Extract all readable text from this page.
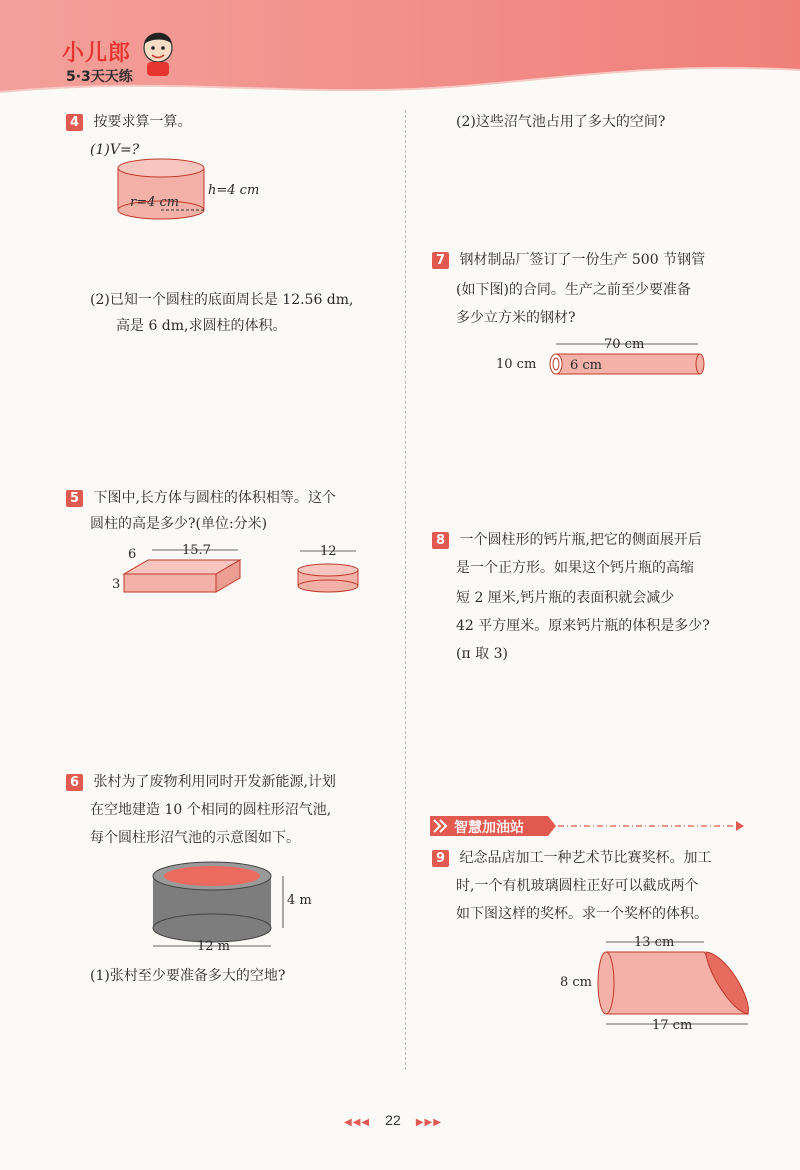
小儿郎
5·3天天练
4 按要求算一算。
(1)V=?
r=4 cm
h=4 cm
(2)已知一个圆柱的底面周长是 12.56 dm,
高是 6 dm,求圆柱的体积。
5 下图中,长方体与圆柱的体积相等。这个
圆柱的高是多少?(单位:分米)
15.7
6
3
12
6 张村为了废物利用同时开发新能源,计划
在空地建造 10 个相同的圆柱形沼气池,
每个圆柱形沼气池的示意图如下。
4 m
12 m
(1)张村至少要准备多大的空地?
(2)这些沼气池占用了多大的空间?
7 钢材制品厂签订了一份生产 500 节钢管
(如下图)的合同。生产之前至少要准备
多少立方米的钢材?
70 cm
10 cm	6 cm
8 一个圆柱形的钙片瓶,把它的侧面展开后
是一个正方形。如果这个钙片瓶的高缩
短 2 厘米,钙片瓶的表面积就会减少
42 平方厘米。原来钙片瓶的体积是多少?
(π 取 3)
智慧加油站
9 纪念品店加工一种艺术节比赛奖杯。加工
时,一个有机玻璃圆柱正好可以截成两个
如下图这样的奖杯。求一个奖杯的体积。
13 cm
17 cm
8 cm
◀◀◀ 22 ▶▶▶
